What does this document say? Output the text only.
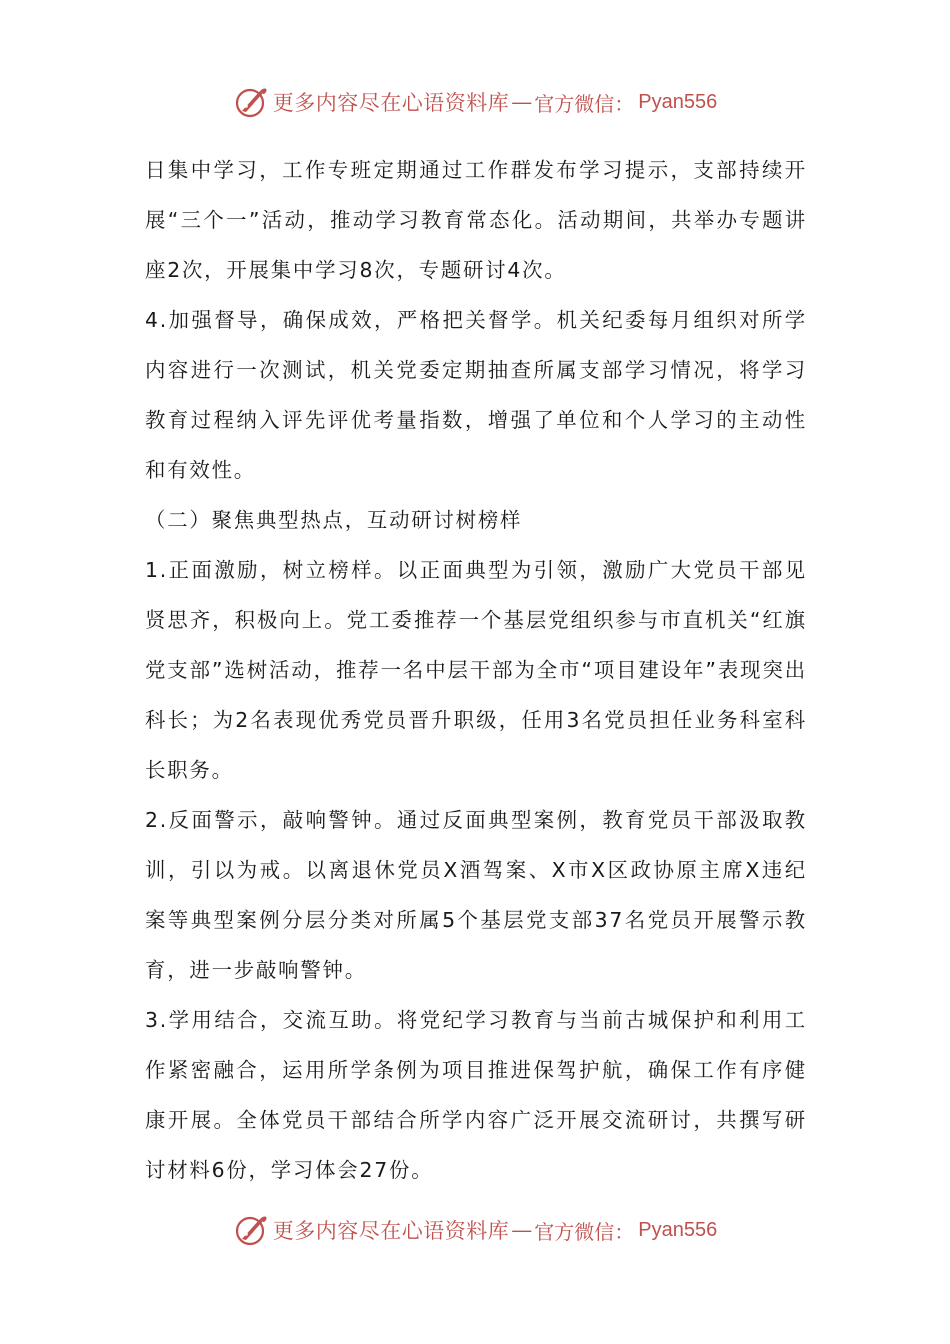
更多内容尽在心语资料库 — 官方微信： Pyan556

日集中学习，工作专班定期通过工作群发布学习提示，支部持续开展“三个一”活动，推动学习教育常态化。活动期间，共举办专题讲座2次，开展集中学习8次，专题研讨4次。

4.加强督导，确保成效，严格把关督学。机关纪委每月组织对所学内容进行一次测试，机关党委定期抽查所属支部学习情况，将学习教育过程纳入评先评优考量指数，增强了单位和个人学习的主动性和有效性。

（二）聚焦典型热点，互动研讨树榜样

1.正面激励，树立榜样。以正面典型为引领，激励广大党员干部见贤思齐，积极向上。党工委推荐一个基层党组织参与市直机关“红旗党支部”选树活动，推荐一名中层干部为全市“项目建设年”表现突出科长；为2名表现优秀党员晋升职级，任用3名党员担任业务科室科长职务。

2.反面警示，敲响警钟。通过反面典型案例，教育党员干部汲取教训，引以为戒。以离退休党员X酒驾案、X市X区政协原主席X违纪案等典型案例分层分类对所属5个基层党支部37名党员开展警示教育，进一步敲响警钟。

3.学用结合，交流互助。将党纪学习教育与当前古城保护和利用工作紧密融合，运用所学条例为项目推进保驾护航，确保工作有序健康开展。全体党员干部结合所学内容广泛开展交流研讨，共撰写研讨材料6份，学习体会27份。

更多内容尽在心语资料库 — 官方微信： Pyan556
